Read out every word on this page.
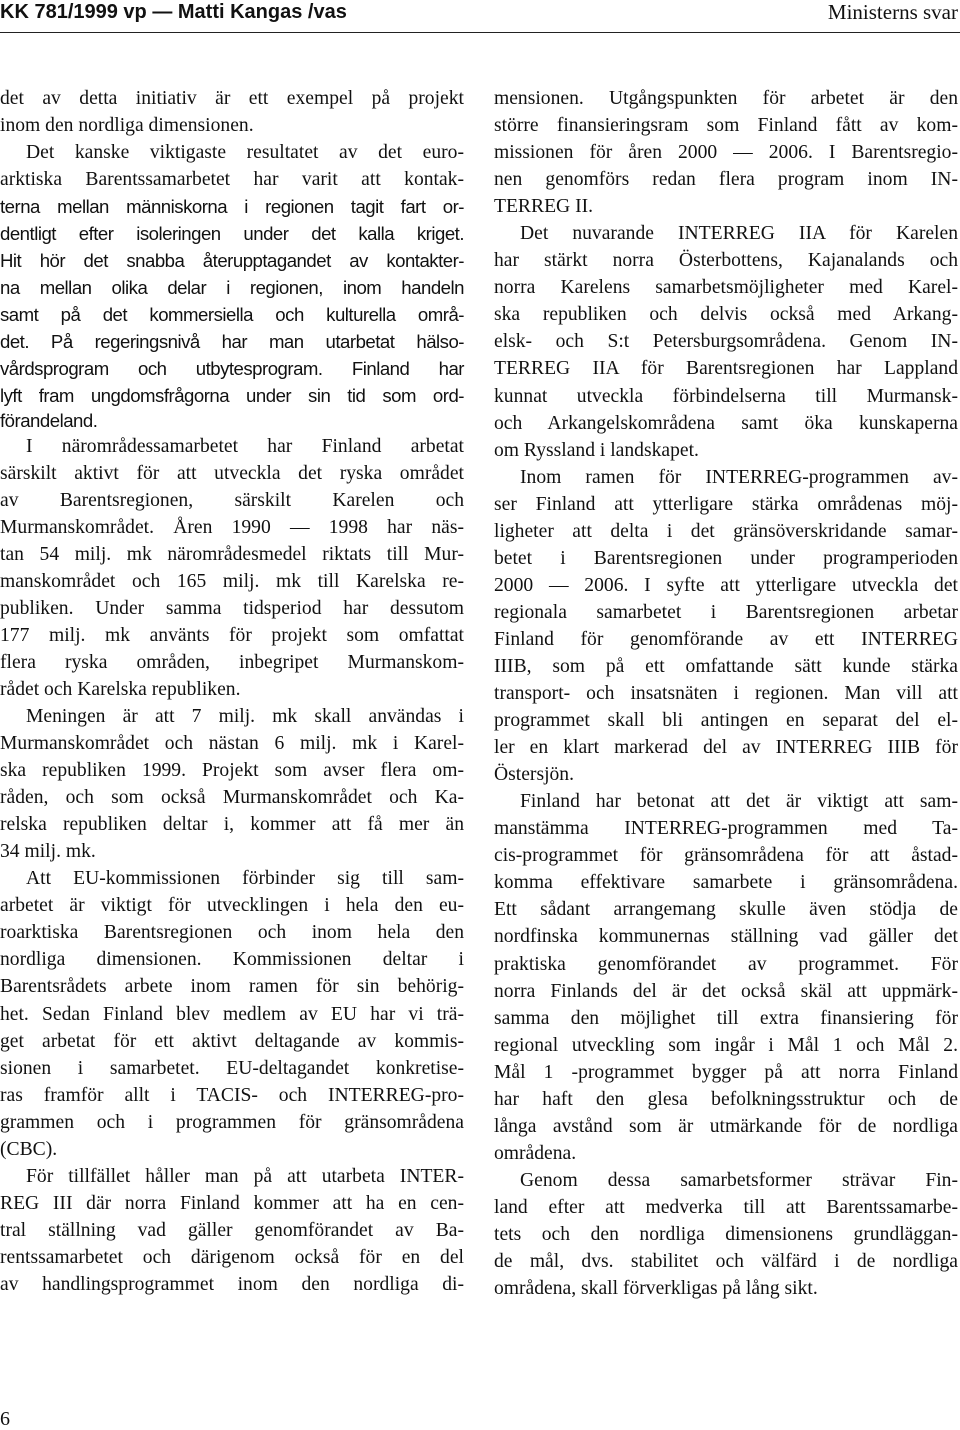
KK 781/1999 vp — Matti Kangas /vas	Ministerns svar
det av detta initiativ är ett exempel på projekt
inom den nordliga dimensionen.
Det kanske viktigaste resultatet av det euro-
arktiska Barentssamarbetet har varit att kontak-
terna mellan människorna i regionen tagit fart or-
dentligt efter isoleringen under det kalla kriget.
Hit hör det snabba återupptagandet av kontakter-
na mellan olika delar i regionen, inom handeln
samt på det kommersiella och kulturella områ-
det. På regeringsnivå har man utarbetat hälso-
vårdsprogram och utbytesprogram. Finland har
lyft fram ungdomsfrågorna under sin tid som ord-
förandeland.
I närområdessamarbetet har Finland arbetat
särskilt aktivt för att utveckla det ryska området
av Barentsregionen, särskilt Karelen och
Murmanskområdet. Åren 1990 — 1998 har näs-
tan 54 milj. mk närområdesmedel riktats till Mur-
manskområdet och 165 milj. mk till Karelska re-
publiken. Under samma tidsperiod har dessutom
177 milj. mk använts för projekt som omfattat
flera ryska områden, inbegripet Murmanskom-
rådet och Karelska republiken.
Meningen är att 7 milj. mk skall användas i
Murmanskområdet och nästan 6 milj. mk i Karel-
ska republiken 1999. Projekt som avser flera om-
råden, och som också Murmanskområdet och Ka-
relska republiken deltar i, kommer att få mer än
34 milj. mk.
Att EU-kommissionen förbinder sig till sam-
arbetet är viktigt för utvecklingen i hela den eu-
roarktiska Barentsregionen och inom hela den
nordliga dimensionen. Kommissionen deltar i
Barentsrådets arbete inom ramen för sin behörig-
het. Sedan Finland blev medlem av EU har vi trä-
get arbetat för ett aktivt deltagande av kommis-
sionen i samarbetet. EU-deltagandet konkretise-
ras framför allt i TACIS- och INTERREG-pro-
grammen och i programmen för gränsområdena
(CBC).
För tillfället håller man på att utarbeta INTER-
REG III där norra Finland kommer att ha en cen-
tral ställning vad gäller genomförandet av Ba-
rentssamarbetet och därigenom också för en del
av handlingsprogrammet inom den nordliga di-
mensionen. Utgångspunkten för arbetet är den
större finansieringsram som Finland fått av kom-
missionen för åren 2000 — 2006. I Barentsregio-
nen genomförs redan flera program inom IN-
TERREG II.
Det nuvarande INTERREG IIA för Karelen
har stärkt norra Österbottens, Kajanalands och
norra Karelens samarbetsmöjligheter med Karel-
ska republiken och delvis också med Arkang-
elsk- och S:t Petersburgsområdena. Genom IN-
TERREG IIA för Barentsregionen har Lappland
kunnat utveckla förbindelserna till Murmansk-
och Arkangelskområdena samt öka kunskaperna
om Ryssland i landskapet.
Inom ramen för INTERREG-programmen av-
ser Finland att ytterligare stärka områdenas möj-
ligheter att delta i det gränsöverskridande samar-
betet i Barentsregionen under programperioden
2000 — 2006. I syfte att ytterligare utveckla det
regionala samarbetet i Barentsregionen arbetar
Finland för genomförande av ett INTERREG
IIIB, som på ett omfattande sätt kunde stärka
transport- och insatsnäten i regionen. Man vill att
programmet skall bli antingen en separat del el-
ler en klart markerad del av INTERREG IIIB för
Östersjön.
Finland har betonat att det är viktigt att sam-
manstämma INTERREG-programmen med Ta-
cis-programmet för gränsområdena för att åstad-
komma effektivare samarbete i gränsområdena.
Ett sådant arrangemang skulle även stödja de
nordfinska kommunernas ställning vad gäller det
praktiska genomförandet av programmet. För
norra Finlands del är det också skäl att uppmärk-
samma den möjlighet till extra finansiering för
regional utveckling som ingår i Mål 1 och Mål 2.
Mål 1 -programmet bygger på att norra Finland
har haft den glesa befolkningsstruktur och de
långa avstånd som är utmärkande för de nordliga
områdena.
Genom dessa samarbetsformer strävar Fin-
land efter att medverka till att Barentssamarbe-
tets och den nordliga dimensionens grundläggan-
de mål, dvs. stabilitet och välfärd i de nordliga
områdena, skall förverkligas på lång sikt.
6
